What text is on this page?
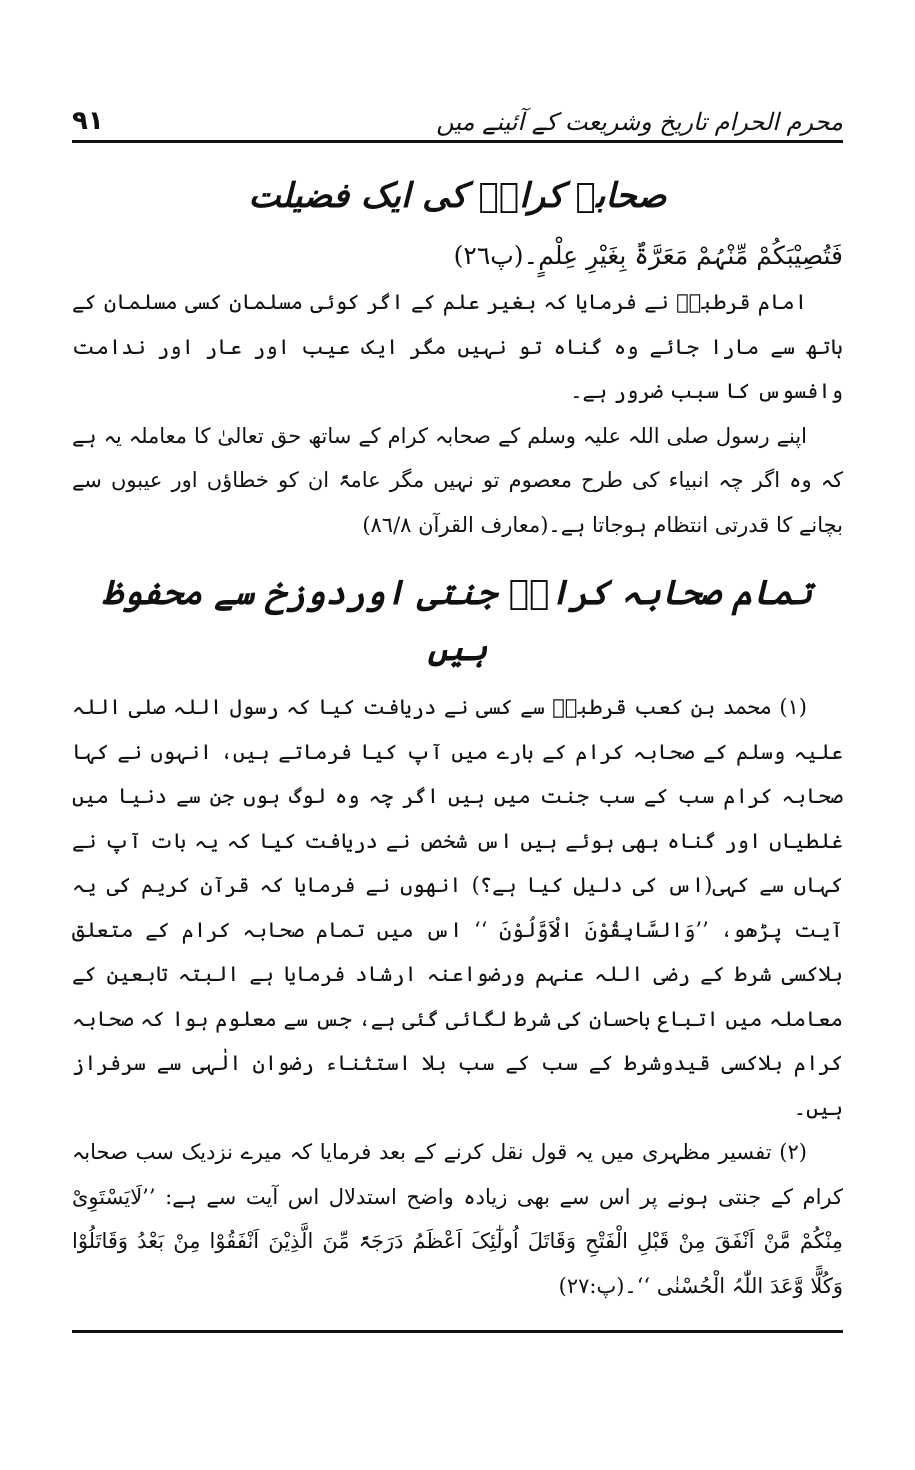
٩١	محرم الحرام تاریخ وشریعت کے آئینے میں
صحابہ کرامؓ کی ایک فضیلت

فَتُصِیْبَکُمْ مِّنْہُمْ مَعَرَّۃٌ بِغَیْرِ عِلْمٍ۔(پ٢٦)

امام قرطبیؒ نے فرمایا کہ بغیر علم کے اگر کوئی مسلمان کسی مسلمان کے ہاتھ سے مارا جائے وہ گناہ تو نہیں مگر ایک عیب اور عار اور ندامت وافسوس کا سبب ضرور ہے۔

اپنے رسول صلی اللہ علیہ وسلم کے صحابہ کرام کے ساتھ حق تعالیٰ کا معاملہ یہ ہے کہ وہ اگر چہ انبیاء کی طرح معصوم تو نہیں مگر عامۃً ان کو خطاؤں اور عیبوں سے بچانے کا قدرتی انتظام ہوجاتا ہے۔(معارف القرآن ٨٦/٨)

تمام صحابہ کرامؓ جنتی اوردوزخ سے محفوظ ہیں

(١) محمد بن کعب قرطبیؒ سے کسی نے دریافت کیا کہ رسول اللہ صلی اللہ علیہ وسلم کے صحابہ کرام کے بارے میں آپ کیا فرماتے ہیں، انہوں نے کہا صحابہ کرام سب کے سب جنت میں ہیں اگر چہ وہ لوگ ہوں جن سے دنیا میں غلطیاں اور گناہ بھی ہوئے ہیں اس شخص نے دریافت کیا کہ یہ بات آپ نے کہاں سے کہی(اس کی دلیل کیا ہے؟) انھوں نے فرمایا کہ قرآن کریم کی یہ آیت پڑھو، ’’وَالسَّابِقُوْنَ الْاَوَّلُوْنَ ‘‘ اس میں تمام صحابہ کرام کے متعلق بلاکسی شرط کے رضی اللہ عنہم ورضواعنہ ارشاد فرمایا ہے البتہ تابعین کے معاملہ میں اتباع باحسان کی شرط لگائی گئی ہے، جس سے معلوم ہوا کہ صحابہ کرام بلاکسی قیدوشرط کے سب کے سب بلا استثناء رضوان الٰہی سے سرفراز ہیں۔

(٢) تفسیر مظہری میں یہ قول نقل کرنے کے بعد فرمایا کہ میرے نزدیک سب صحابہ کرام کے جنتی ہونے پر اس سے بھی زیادہ واضح استدلال اس آیت سے ہے: ’’لَایَسْتَوِیْ مِنْکُمْ مَّنْ اَنْفَقَ مِنْ قَبْلِ الْفَتْحِ وَقَاتَلَ اُولٰٓئِکَ اَعْظَمُ دَرَجَۃً مِّنَ الَّذِیْنَ اَنْفَقُوْا مِنْ بَعْدُ وَقَاتَلُوْا وَکُلًّا وَّعَدَ اللّٰہُ الْحُسْنٰی ‘‘۔(پ:٢٧)
